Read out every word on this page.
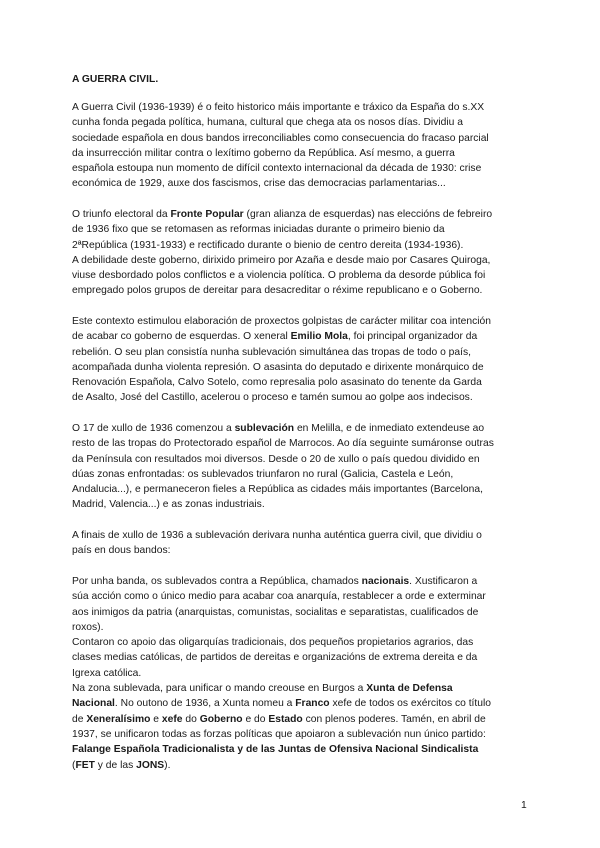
A GUERRA CIVIL.
A Guerra Civil (1936-1939) é o feito historico máis importante e tráxico da España do s.XX
cunha fonda pegada política, humana, cultural que chega ata os nosos días. Dividiu a
sociedade española en dous bandos irreconciliables como consecuencia do fracaso parcial
da insurrección militar contra o lexítimo goberno da República. Así mesmo, a guerra
española estoupa nun momento de difícil contexto internacional da década de 1930: crise
económica de 1929, auxe dos fascismos, crise das democracias parlamentarias...
O triunfo electoral da Fronte Popular (gran alianza de esquerdas) nas eleccións de febreiro
de 1936 fixo que se retomasen as reformas iniciadas durante o primeiro bienio da
2ªRepública (1931-1933) e rectificado durante o bienio de centro dereita (1934-1936).
A debilidade deste goberno, dirixido primeiro por Azaña e desde maio por Casares Quiroga,
viuse desbordado polos conflictos e a violencia política. O problema da desorde pública foi
empregado polos grupos de dereitar para desacreditar o réxime republicano e o Goberno.
Este contexto estimulou elaboración de proxectos golpistas de carácter militar coa intención
de acabar co goberno de esquerdas. O xeneral Emilio Mola, foi principal organizador da
rebelión. O seu plan consistía nunha sublevación simultánea das tropas de todo o país,
acompañada dunha violenta represión. O asasinta do deputado e dirixente monárquico de
Renovación Española, Calvo Sotelo, como represalia polo asasinato do tenente da Garda
de Asalto, José del Castillo, acelerou o proceso e tamén sumou ao golpe aos indecisos.
O 17 de xullo de 1936 comenzou a sublevación en Melilla, e de inmediato extendeuse ao
resto de las tropas do Protectorado español de Marrocos. Ao día seguinte sumáronse outras
da Península con resultados moi diversos. Desde o 20 de xullo o país quedou dividido en
dúas zonas enfrontadas: os sublevados triunfaron no rural (Galicia, Castela e León,
Andalucia...), e permaneceron fieles a República as cidades máis importantes (Barcelona,
Madrid, Valencia...) e as zonas industriais.
A finais de xullo de 1936 a sublevación derivara nunha auténtica guerra civil, que dividiu o
país en dous bandos:
Por unha banda, os sublevados contra a República, chamados nacionais. Xustificaron a
súa acción como o único medio para acabar coa anarquía, restablecer a orde e exterminar
aos inimigos da patria (anarquistas, comunistas, socialitas e separatistas, cualificados de
roxos).
Contaron co apoio das oligarquías tradicionais, dos pequeños propietarios agrarios, das
clases medias católicas, de partidos de dereitas e organizacións de extrema dereita e da
Igrexa católica.
Na zona sublevada, para unificar o mando creouse en Burgos a Xunta de Defensa
Nacional. No outono de 1936, a Xunta nomeu a Franco xefe de todos os exércitos co título
de Xeneralísimo e xefe do Goberno e do Estado con plenos poderes. Tamén, en abril de
1937, se unificaron todas as forzas políticas que apoiaron a sublevación nun único partido:
Falange Española Tradicionalista y de las Juntas de Ofensiva Nacional Sindicalista
(FET y de las JONS).
1
